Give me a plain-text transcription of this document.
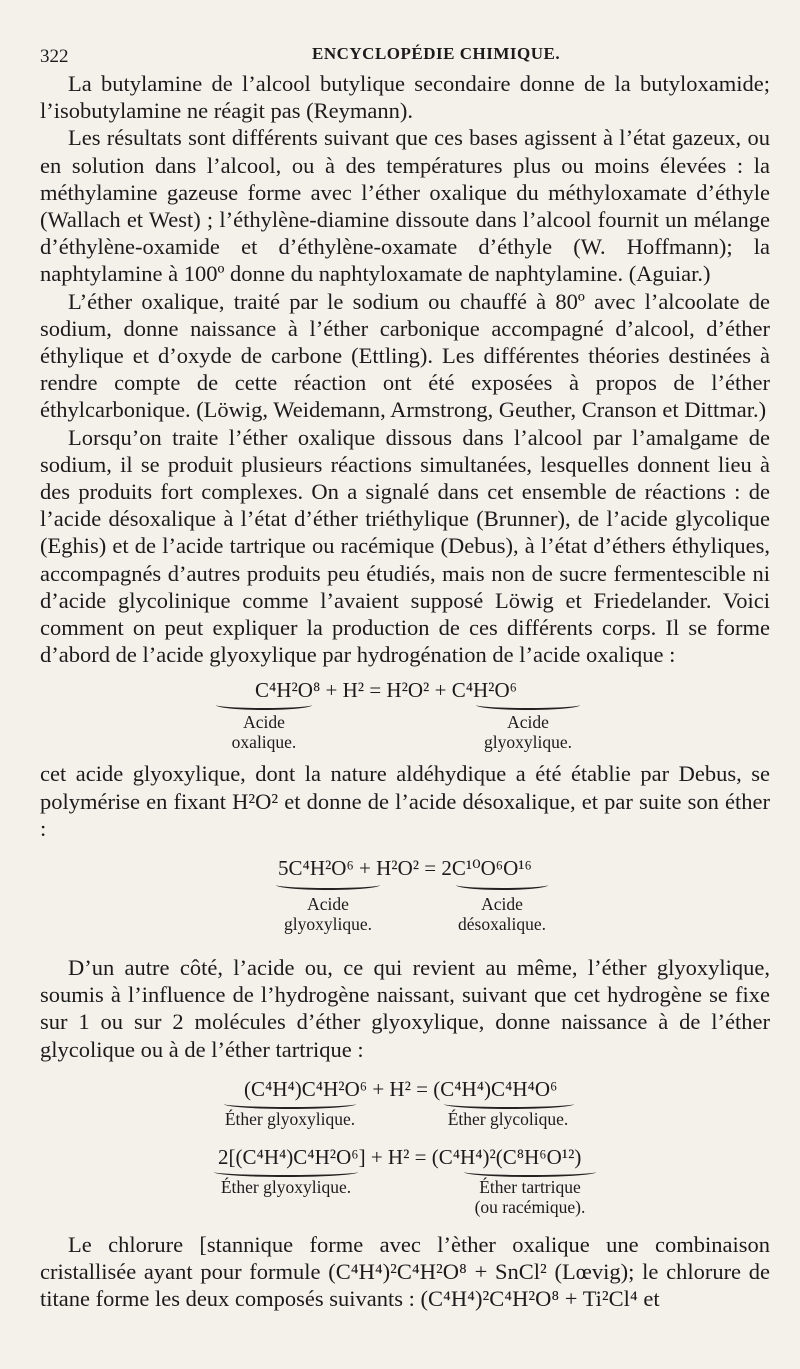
322	ENCYCLOPÉDIE CHIMIQUE.

La butylamine de l’alcool butylique secondaire donne de la butyloxamide; l’isobutylamine ne réagit pas (Reymann).

Les résultats sont différents suivant que ces bases agissent à l’état gazeux, ou en solution dans l’alcool, ou à des températures plus ou moins élevées : la méthylamine gazeuse forme avec l’éther oxalique du méthyloxamate d’éthyle (Wallach et West) ; l’éthylène-diamine dissoute dans l’alcool fournit un mélange d’éthylène-oxamide et d’éthylène-oxamate d’éthyle (W. Hoffmann); la naphtylamine à 100º donne du naphtyloxamate de naphtylamine. (Aguiar.)

L’éther oxalique, traité par le sodium ou chauffé à 80º avec l’alcoolate de sodium, donne naissance à l’éther carbonique accompagné d’alcool, d’éther éthylique et d’oxyde de carbone (Ettling). Les différentes théories destinées à rendre compte de cette réaction ont été exposées à propos de l’éther éthylcarbonique. (Löwig, Weidemann, Armstrong, Geuther, Cranson et Dittmar.)

Lorsqu’on traite l’éther oxalique dissous dans l’alcool par l’amalgame de sodium, il se produit plusieurs réactions simultanées, lesquelles donnent lieu à des produits fort complexes. On a signalé dans cet ensemble de réactions : de l’acide désoxalique à l’état d’éther triéthylique (Brunner), de l’acide glycolique (Eghis) et de l’acide tartrique ou racémique (Debus), à l’état d’éthers éthyliques, accompagnés d’autres produits peu étudiés, mais non de sucre fermentescible ni d’acide glycolinique comme l’avaient supposé Löwig et Friedelander. Voici comment on peut expliquer la production de ces différents corps. Il se forme d’abord de l’acide glyoxylique par hydrogénation de l’acide oxalique :

C⁴H²O⁸ + H² = H²O² + C⁴H²O⁶
Acide
oxalique.
Acide
glyoxylique.

cet acide glyoxylique, dont la nature aldéhydique a été établie par Debus, se polymérise en fixant H²O² et donne de l’acide désoxalique, et par suite son éther :

5C⁴H²O⁶ + H²O² = 2C¹⁰O⁶O¹⁶
Acide
glyoxylique.
Acide
désoxalique.

D’un autre côté, l’acide ou, ce qui revient au même, l’éther glyoxylique, soumis à l’influence de l’hydrogène naissant, suivant que cet hydrogène se fixe sur 1 ou sur 2 molécules d’éther glyoxylique, donne naissance à de l’éther glycolique ou à de l’éther tartrique :

(C⁴H⁴)C⁴H²O⁶ + H² = (C⁴H⁴)C⁴H⁴O⁶
Éther glyoxylique.	Éther glycolique.
2[(C⁴H⁴)C⁴H²O⁶] + H² = (C⁴H⁴)²(C⁸H⁶O¹²)
Éther glyoxylique.	Éther tartrique
(ou racémique).

Le chlorure [stannique forme avec l’èther oxalique une combinaison cristallisée ayant pour formule (C⁴H⁴)²C⁴H²O⁸ + SnCl² (Lœvig); le chlorure de titane forme les deux composés suivants : (C⁴H⁴)²C⁴H²O⁸ + Ti²Cl⁴ et
